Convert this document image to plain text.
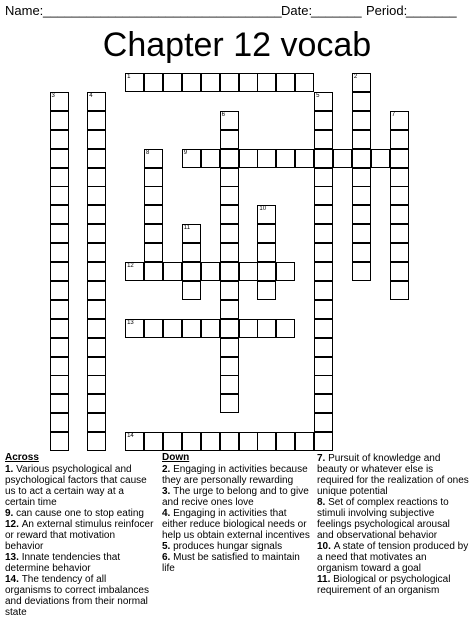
Name: _________________________________ Date:
_______ Period:
_______
Chapter 12 vocab
1	2
3	4	5
6	7
8	9
10
11
12
13
14
Across
1. Various psychological and psychological factors that cause us to act a certain way at a certain time
9. can cause one to stop eating
12. An external stimulus reinfocer or reward that motivation behavior
13. Innate tendencies that determine behavior
14. The tendency of all organisms to correct imbalances and deviations from their normal state
Down
2. Engaging in activities because they are personally rewarding
3. The urge to belong and to give and recive ones love
4. Engaging in activities that either reduce biological needs or help us obtain external incentives
5. produces hungar signals
6. Must be satisfied to maintain life
7. Pursuit of knowledge and beauty or whatever else is required for the realization of ones unique potential
8. Set of complex reactions to stimuli involving subjective feelings psychological arousal and observational behavior
10. A state of tension produced by a need that motivates an organism toward a goal
11. Biological or psychological requirement of an organism
